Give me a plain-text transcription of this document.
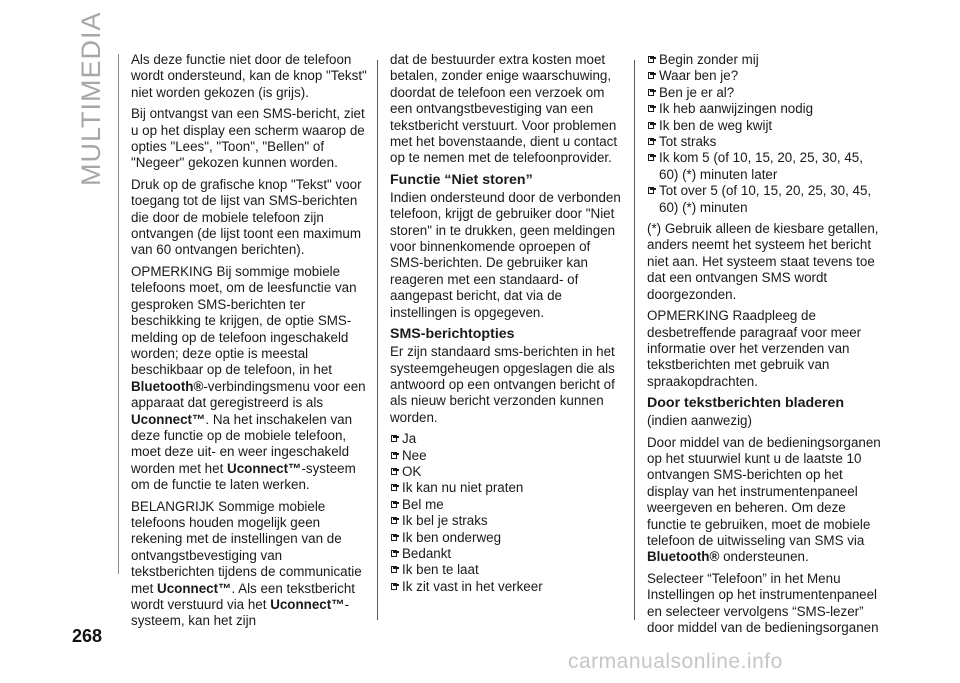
MULTIMEDIA
268

Als deze functie niet door de telefoon wordt ondersteund, kan de knop "Tekst" niet worden gekozen (is grijs).

Bij ontvangst van een SMS-bericht, ziet u op het display een scherm waarop de opties "Lees", "Toon", "Bellen" of "Negeer" gekozen kunnen worden.

Druk op de grafische knop "Tekst" voor toegang tot de lijst van SMS-berichten die door de mobiele telefoon zijn ontvangen (de lijst toont een maximum van 60 ontvangen berichten).

OPMERKING Bij sommige mobiele telefoons moet, om de leesfunctie van gesproken SMS-berichten ter beschikking te krijgen, de optie SMS-melding op de telefoon ingeschakeld worden; deze optie is meestal beschikbaar op de telefoon, in het Bluetooth®-verbindingsmenu voor een apparaat dat geregistreerd is als Uconnect™. Na het inschakelen van deze functie op de mobiele telefoon, moet deze uit- en weer ingeschakeld worden met het Uconnect™-systeem om de functie te laten werken.

BELANGRIJK Sommige mobiele telefoons houden mogelijk geen rekening met de instellingen van de ontvangstbevestiging van tekstberichten tijdens de communicatie met Uconnect™. Als een tekstbericht wordt verstuurd via het Uconnect™-systeem, kan het zijn

dat de bestuurder extra kosten moet betalen, zonder enige waarschuwing, doordat de telefoon een verzoek om een ontvangstbevestiging van een tekstbericht verstuurt. Voor problemen met het bovenstaande, dient u contact op te nemen met de telefoonprovider.

Functie “Niet storen”

Indien ondersteund door de verbonden telefoon, krijgt de gebruiker door "Niet storen" in te drukken, geen meldingen voor binnenkomende oproepen of SMS-berichten. De gebruiker kan reageren met een standaard- of aangepast bericht, dat via de instellingen is opgegeven.

SMS-berichtopties

Er zijn standaard sms-berichten in het systeemgeheugen opgeslagen die als antwoord op een ontvangen bericht of als nieuw bericht verzonden kunnen worden.

Ja
Nee
OK
Ik kan nu niet praten
Bel me
Ik bel je straks
Ik ben onderweg
Bedankt
Ik ben te laat
Ik zit vast in het verkeer
Begin zonder mij
Waar ben je?
Ben je er al?
Ik heb aanwijzingen nodig
Ik ben de weg kwijt
Tot straks
Ik kom 5 (of 10, 15, 20, 25, 30, 45, 60) (*) minuten later
Tot over 5 (of 10, 15, 20, 25, 30, 45, 60) (*) minuten

(*) Gebruik alleen de kiesbare getallen, anders neemt het systeem het bericht niet aan. Het systeem staat tevens toe dat een ontvangen SMS wordt doorgezonden.

OPMERKING Raadpleeg de desbetreffende paragraaf voor meer informatie over het verzenden van tekstberichten met gebruik van spraakopdrachten.

Door tekstberichten bladeren

(indien aanwezig)

Door middel van de bedieningsorganen op het stuurwiel kunt u de laatste 10 ontvangen SMS-berichten op het display van het instrumentenpaneel weergeven en beheren. Om deze functie te gebruiken, moet de mobiele telefoon de uitwisseling van SMS via Bluetooth® ondersteunen.

Selecteer “Telefoon” in het Menu Instellingen op het instrumentenpaneel en selecteer vervolgens “SMS-lezer” door middel van de bedieningsorganen

carmanualsonline.info
